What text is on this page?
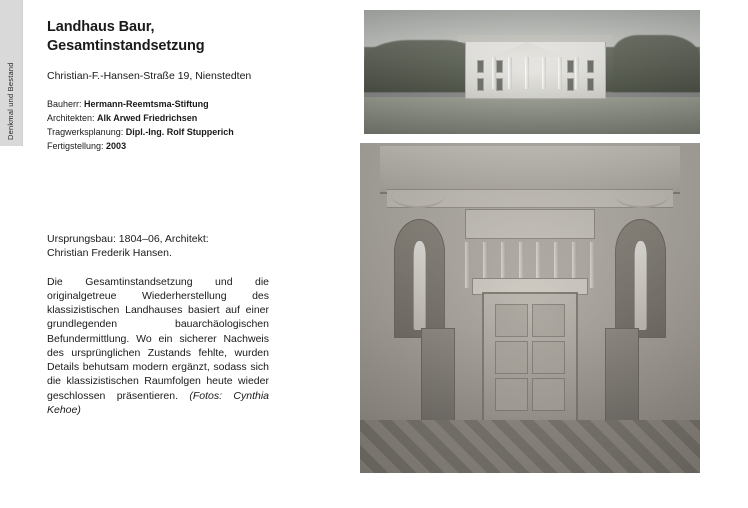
Denkmal und Bestand
Landhaus Baur,
Gesamtinstandsetzung

Christian-F.-Hansen-Straße 19, Nienstedten

Bauherr: Hermann-Reemtsma-Stiftung
Architekten: Alk Arwed Friedrichsen
Tragwerksplanung: Dipl.-Ing. Rolf Stupperich
Fertigstellung: 2003

Ursprungsbau: 1804–06, Architekt:
Christian Frederik Hansen.

Die Gesamtinstandsetzung und die originalgetreue Wiederherstellung des klassizistischen Landhauses basiert auf einer grundlegenden bauarchäologischen Befundermittlung. Wo ein sicherer Nachweis des ursprünglichen Zustands fehlte, wurden Details behutsam modern ergänzt, sodass sich die klassizistischen Raumfolgen heute wieder geschlossen präsentieren. (Fotos: Cynthia Kehoe)
